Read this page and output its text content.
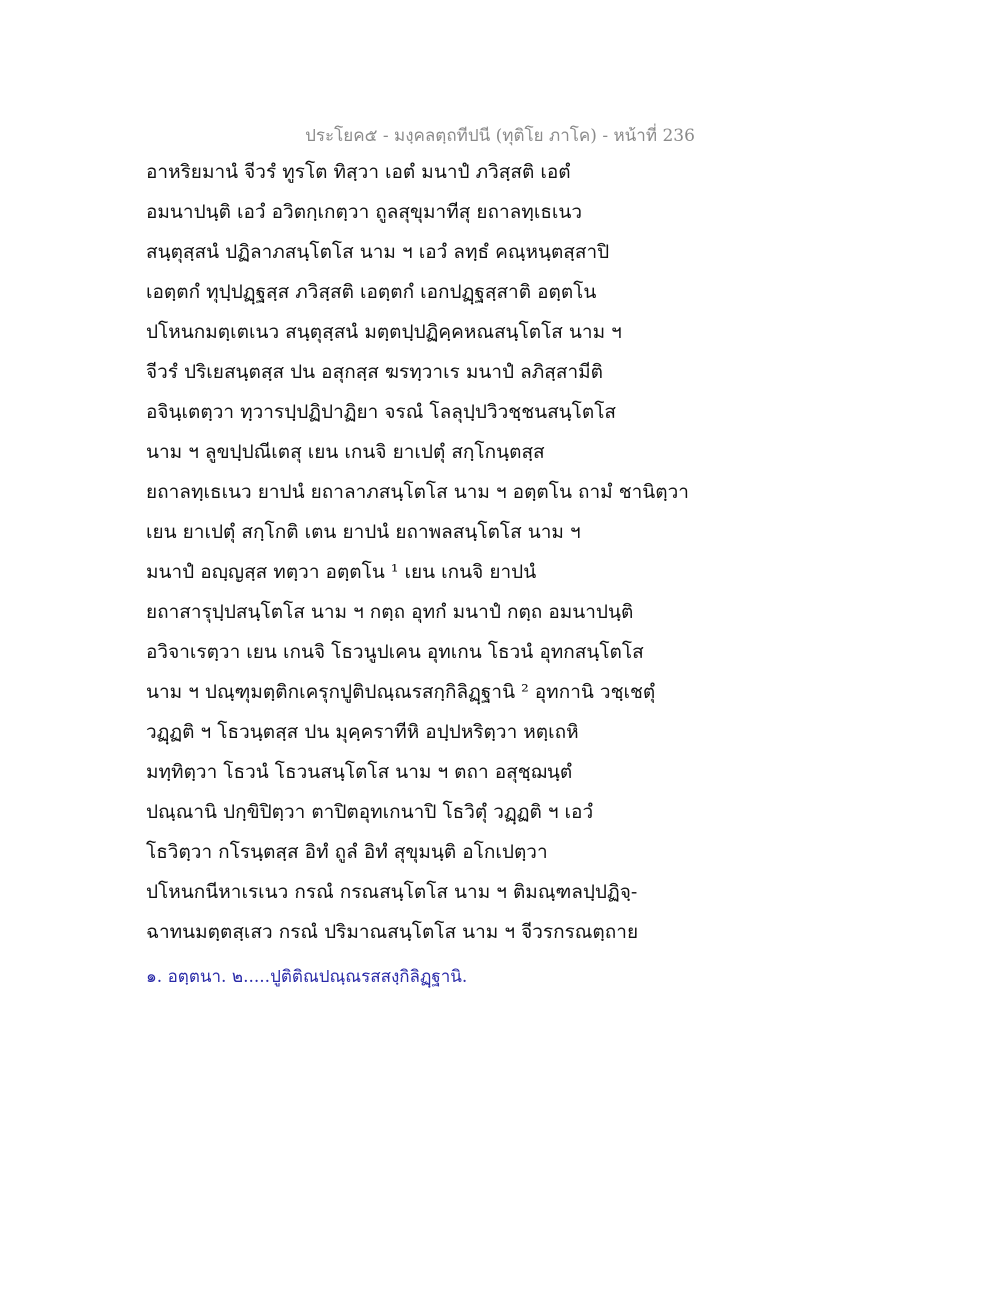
ประโยค๕ - มงฺคลตฺถทีปนี (ทุติโย ภาโค) - หน้าที่ 236
อาหริยมานํ จีวรํ ทูรโต ทิสฺวา เอตํ มนาปํ ภวิสฺสติ เอตํ
อมนาปนฺติ เอวํ อวิตกฺเกตฺวา ถูลสุขุมาทีสุ ยถาลทฺเธเนว
สนฺตุสฺสนํ ปฏิลาภสนฺโตโส นาม ฯ เอวํ ลทฺธํ คณฺหนฺตสฺสาปิ
เอตฺตกํ ทุปฺปฏฺฐสฺส ภวิสฺสติ เอตฺตกํ เอกปฏฺฐสฺสาติ อตฺตโน
ปโหนกมตฺเตเนว สนฺตุสฺสนํ มตฺตปฺปฏิคฺคหณสนฺโตโส นาม ฯ
จีวรํ ปริเยสนฺตสฺส ปน อสุกสฺส ฆรทฺวาเร มนาปํ ลภิสฺสามีติ
อจินฺเตตฺวา ทฺวารปฺปฏิปาฏิยา จรณํ โลลุปฺปวิวชฺชนสนฺโตโส
นาม ฯ ลูขปฺปณีเตสุ เยน เกนจิ ยาเปตุํ สกฺโกนฺตสฺส
ยถาลทฺเธเนว ยาปนํ ยถาลาภสนฺโตโส นาม ฯ อตฺตโน ถามํ ชานิตฺวา
เยน ยาเปตุํ สกฺโกติ เตน ยาปนํ ยถาพลสนฺโตโส นาม ฯ
มนาปํ อญฺญสฺส ทตฺวา อตฺตโน ¹ เยน เกนจิ ยาปนํ
ยถาสารุปฺปสนฺโตโส นาม ฯ กตฺถ อุทกํ มนาปํ กตฺถ อมนาปนฺติ
อวิจาเรตฺวา เยน เกนจิ โธวนูปเคน อุทเกน โธวนํ อุทกสนฺโตโส
นาม ฯ ปณฺฑุมตฺติกเครุกปูติปณฺณรสกฺกิลิฏฺฐานิ ² อุทกานิ วชฺเชตุํ
วฏฺฏติ ฯ โธวนฺตสฺส ปน มุคฺคราทีหิ อปฺปหริตฺวา หตฺเถหิ
มทฺทิตฺวา โธวนํ โธวนสนฺโตโส นาม ฯ ตถา อสุชฺฌนฺตํ
ปณฺณานิ ปกฺขิปิตฺวา ตาปิตอุทเกนาปิ โธวิตุํ วฏฺฏติ ฯ เอวํ
โธวิตฺวา กโรนฺตสฺส อิทํ ถูลํ อิทํ สุขุมนฺติ อโกเปตฺวา
ปโหนกนีหาเรเนว กรณํ กรณสนฺโตโส นาม ฯ ติมณฺฑลปฺปฏิจฺ-
ฉาทนมตฺตสฺเสว กรณํ ปริมาณสนฺโตโส นาม ฯ จีวรกรณตฺถาย
๑. อตฺตนา. ๒.....ปูติติณปณฺณรสสงฺกิลิฏฺฐานิ.
